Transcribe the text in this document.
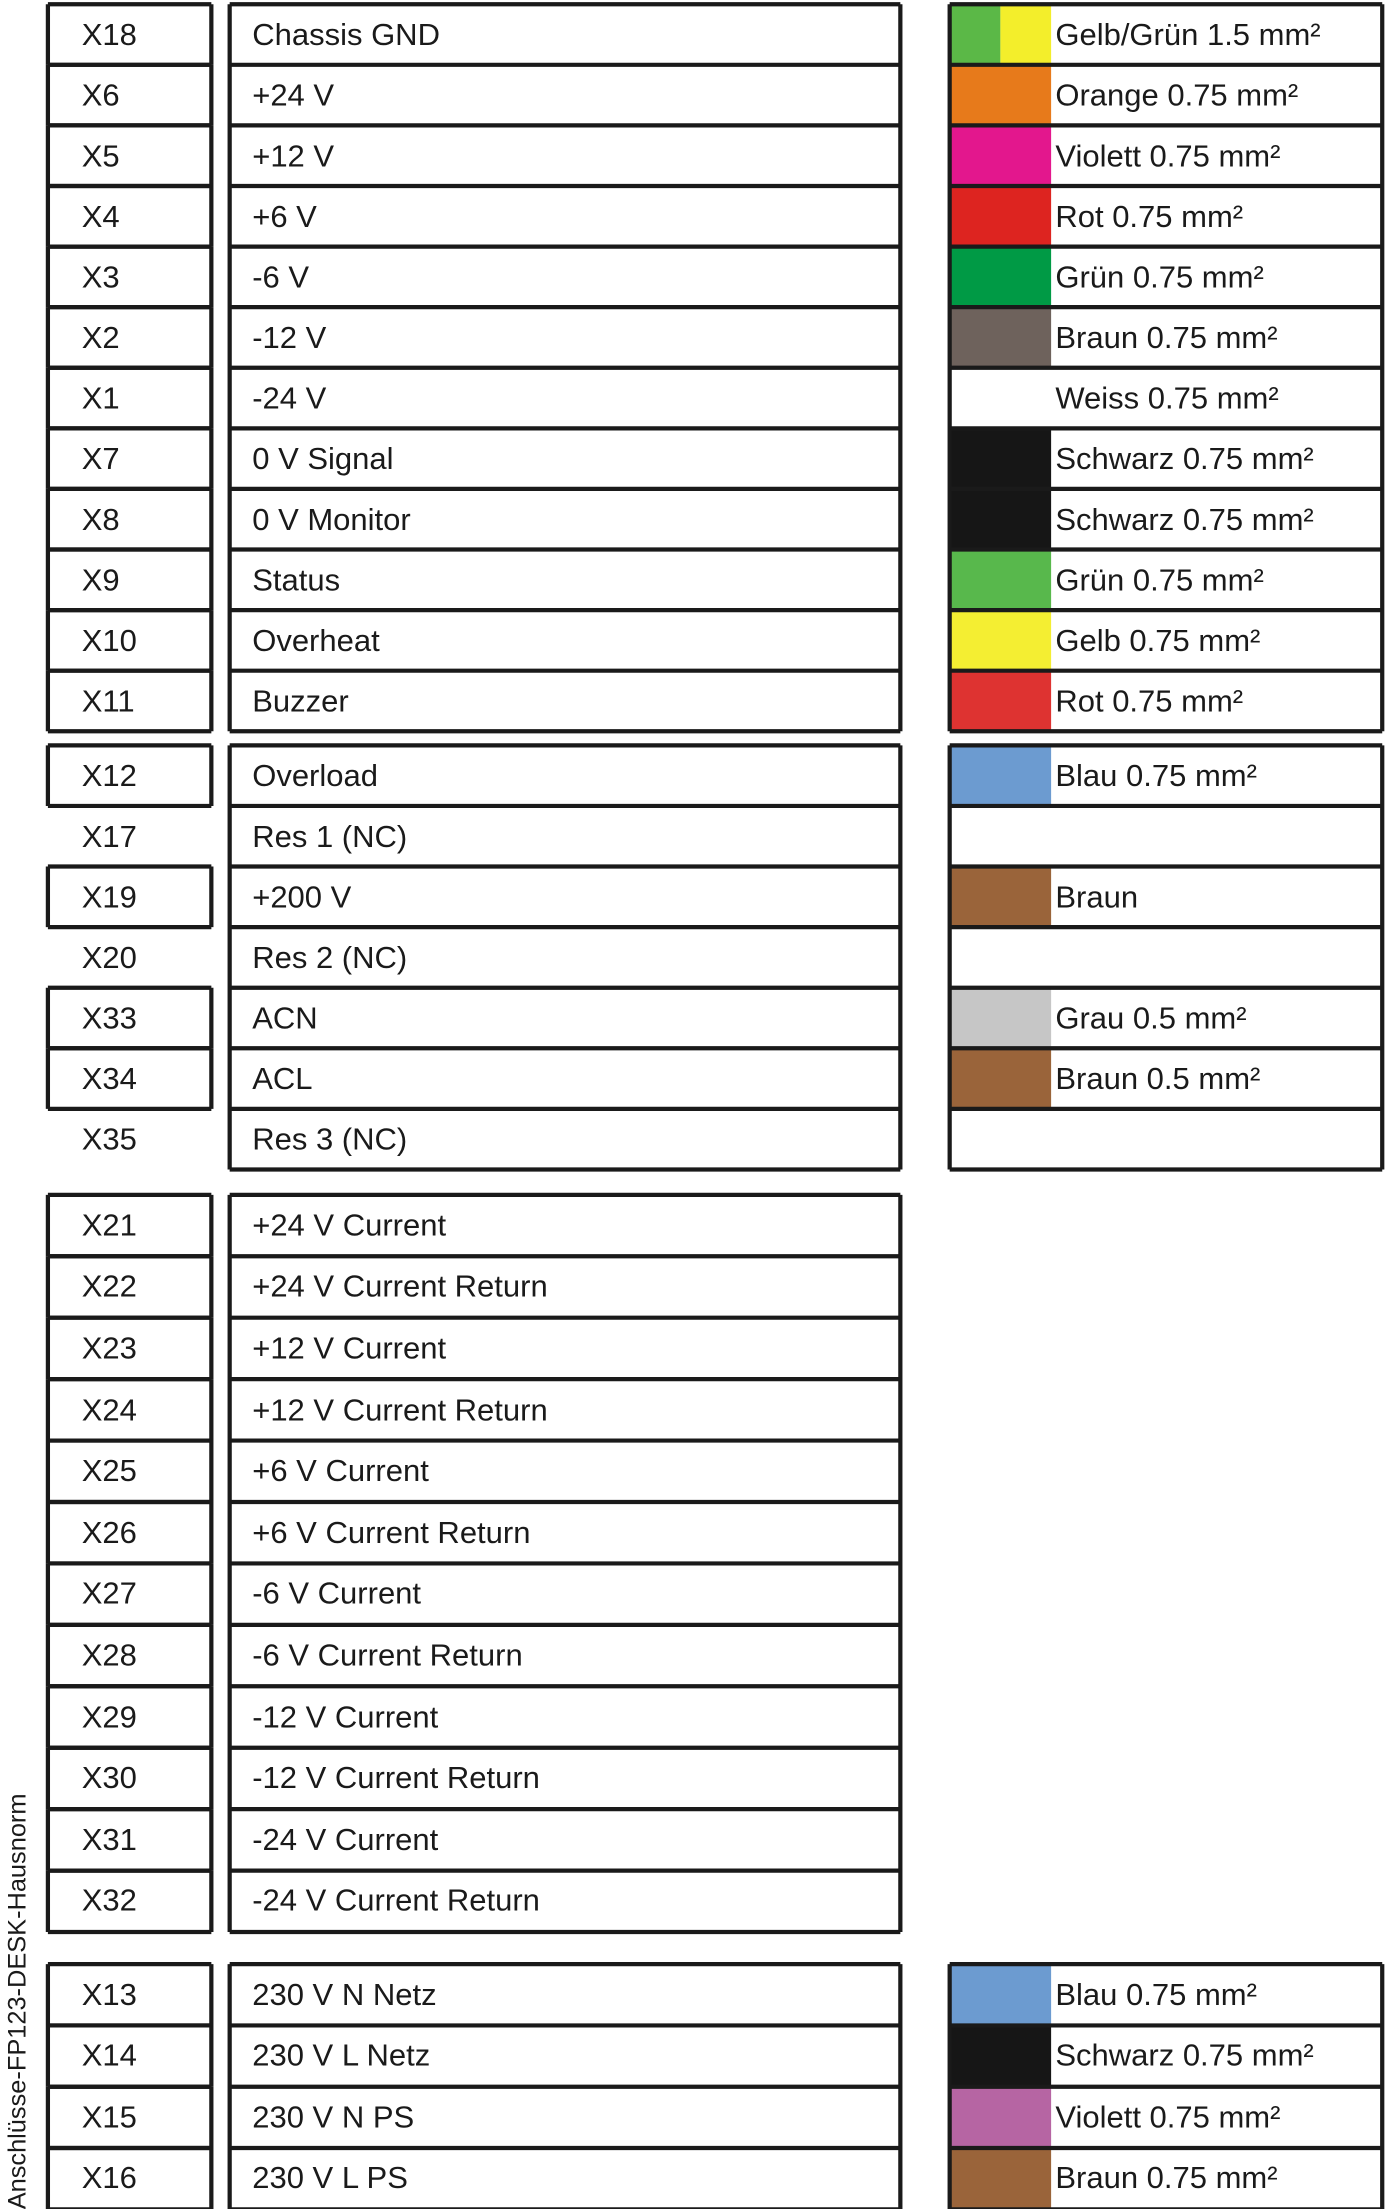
X18	Chassis GND	Gelb/Grün 1.5 mm²
X6	+24 V	Orange 0.75 mm²
X5	+12 V	Violett 0.75 mm²
X4	+6 V	Rot 0.75 mm²
X3	-6 V	Grün 0.75 mm²
X2	-12 V	Braun 0.75 mm²
X1	-24 V	Weiss 0.75 mm²
X7	0 V Signal	Schwarz 0.75 mm²
X8	0 V Monitor	Schwarz 0.75 mm²
X9	Status	Grün 0.75 mm²
X10	Overheat	Gelb 0.75 mm²
X11	Buzzer	Rot 0.75 mm²
X12	Overload	Blau 0.75 mm²
X17	Res 1 (NC)
X19	+200 V	Braun
X20	Res 2 (NC)
X33	ACN	Grau 0.5 mm²
X34	ACL	Braun 0.5 mm²
X35	Res 3 (NC)
X21	+24 V Current
X22	+24 V Current Return
X23	+12 V Current
X24	+12 V Current Return
X25	+6 V Current
X26	+6 V Current Return
X27	-6 V Current
X28	-6 V Current Return
X29	-12 V Current
X30	-12 V Current Return
X31	-24 V Current
X32	-24 V Current Return
X13	230 V N Netz	Blau 0.75 mm²
X14	230 V L Netz	Schwarz 0.75 mm²
X15	230 V N PS	Violett 0.75 mm²
X16	230 V L PS	Braun 0.75 mm²
Anschlüsse-FP123-DESK-Hausnorm
